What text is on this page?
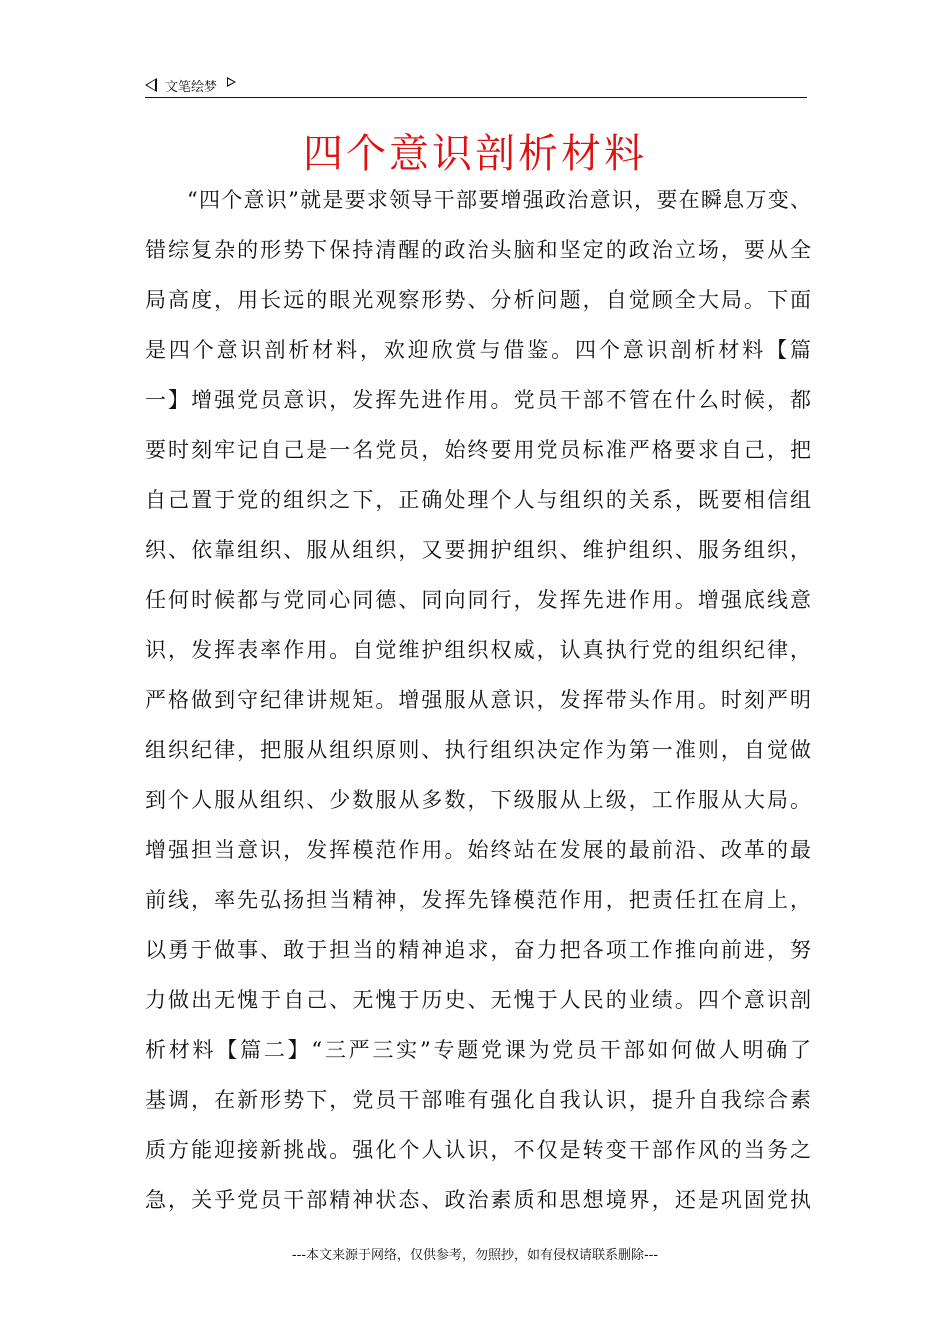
文笔绘梦
四个意识剖析材料
“四个意识”就是要求领导干部要增强政治意识，要在瞬息万变、
错综复杂的形势下保持清醒的政治头脑和坚定的政治立场，要从全
局高度，用长远的眼光观察形势、分析问题，自觉顾全大局。下面
是四个意识剖析材料，欢迎欣赏与借鉴。四个意识剖析材料【篇
一】增强党员意识，发挥先进作用。党员干部不管在什么时候，都
要时刻牢记自己是一名党员，始终要用党员标准严格要求自己，把
自己置于党的组织之下，正确处理个人与组织的关系，既要相信组
织、依靠组织、服从组织，又要拥护组织、维护组织、服务组织，
任何时候都与党同心同德、同向同行，发挥先进作用。增强底线意
识，发挥表率作用。自觉维护组织权威，认真执行党的组织纪律，
严格做到守纪律讲规矩。增强服从意识，发挥带头作用。时刻严明
组织纪律，把服从组织原则、执行组织决定作为第一准则，自觉做
到个人服从组织、少数服从多数，下级服从上级，工作服从大局。
增强担当意识，发挥模范作用。始终站在发展的最前沿、改革的最
前线，率先弘扬担当精神，发挥先锋模范作用，把责任扛在肩上，
以勇于做事、敢于担当的精神追求，奋力把各项工作推向前进，努
力做出无愧于自己、无愧于历史、无愧于人民的业绩。四个意识剖
析材料【篇二】“三严三实”专题党课为党员干部如何做人明确了
基调，在新形势下，党员干部唯有强化自我认识，提升自我综合素
质方能迎接新挑战。强化个人认识，不仅是转变干部作风的当务之
急，关乎党员干部精神状态、政治素质和思想境界，还是巩固党执
---本文来源于网络，仅供参考，勿照抄，如有侵权请联系删除---
